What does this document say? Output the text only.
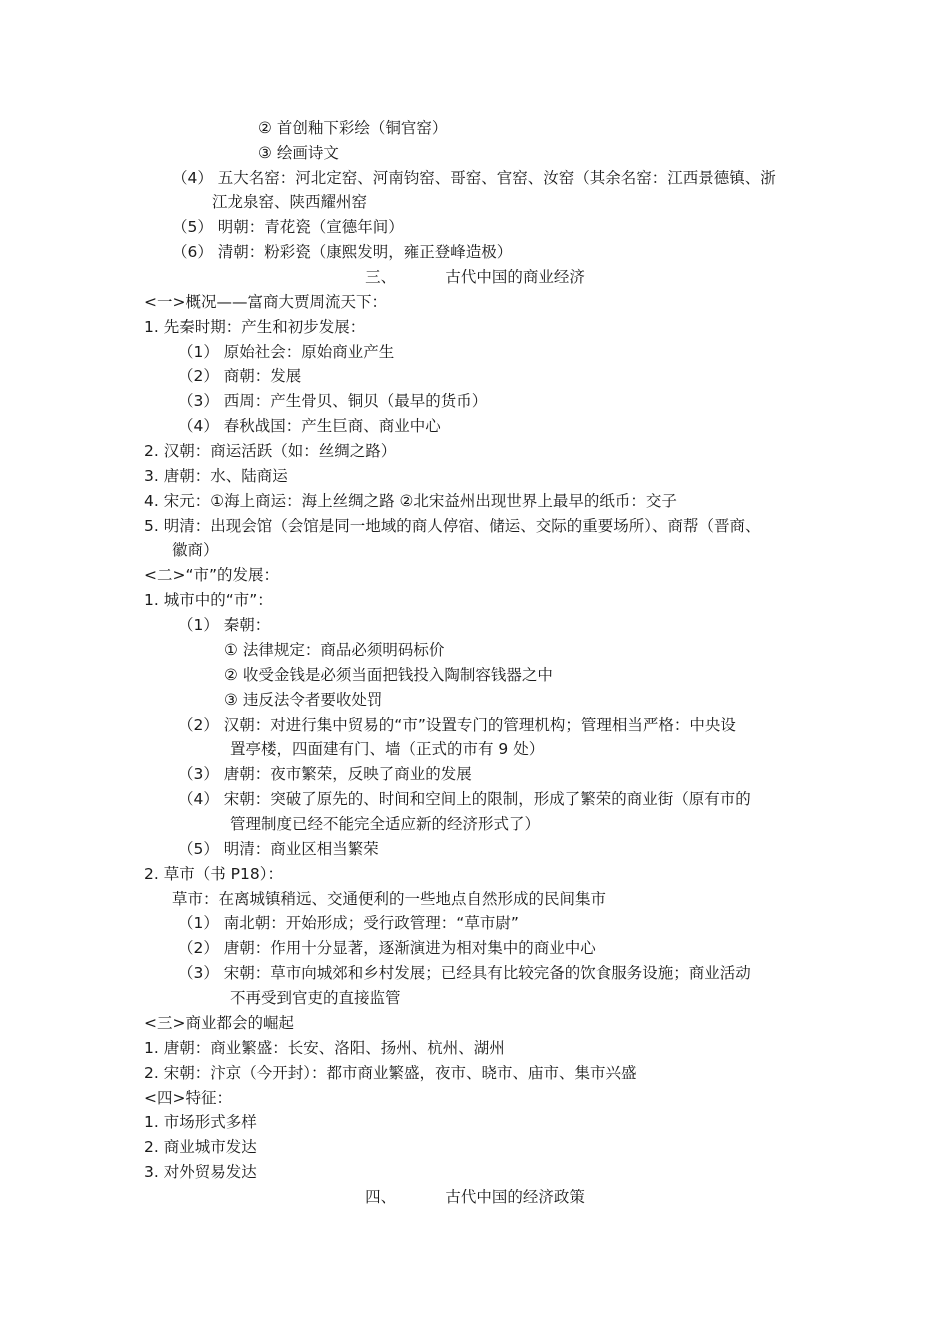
② 首创釉下彩绘（铜官窑）
③ 绘画诗文
（4） 五大名窑：河北定窑、河南钧窑、哥窑、官窑、汝窑（其余名窑：江西景德镇、浙
江龙泉窑、陕西耀州窑
（5） 明朝：青花瓷（宣德年间）
（6） 清朝：粉彩瓷（康熙发明，雍正登峰造极）
三、          古代中国的商业经济
<一>概况——富商大贾周流天下：
1. 先秦时期：产生和初步发展：
（1） 原始社会：原始商业产生
（2） 商朝：发展
（3） 西周：产生骨贝、铜贝（最早的货币）
（4） 春秋战国：产生巨商、商业中心
2. 汉朝：商运活跃（如：丝绸之路）
3. 唐朝：水、陆商运
4. 宋元：①海上商运：海上丝绸之路 ②北宋益州出现世界上最早的纸币：交子
5. 明清：出现会馆（会馆是同一地域的商人停宿、储运、交际的重要场所）、商帮（晋商、
徽商）
<二>“市”的发展：
1. 城市中的“市”：
（1） 秦朝：
① 法律规定：商品必须明码标价
② 收受金钱是必须当面把钱投入陶制容钱器之中
③ 违反法令者要收处罚
（2） 汉朝：对进行集中贸易的“市”设置专门的管理机构；管理相当严格：中央设
置亭楼，四面建有门、墙（正式的市有 9 处）
（3） 唐朝：夜市繁荣，反映了商业的发展
（4） 宋朝：突破了原先的、时间和空间上的限制，形成了繁荣的商业街（原有市的
管理制度已经不能完全适应新的经济形式了）
（5） 明清：商业区相当繁荣
2. 草市（书 P18）：
草市：在离城镇稍远、交通便利的一些地点自然形成的民间集市
（1） 南北朝：开始形成；受行政管理：“草市尉”
（2） 唐朝：作用十分显著，逐渐演进为相对集中的商业中心
（3） 宋朝：草市向城郊和乡村发展；已经具有比较完备的饮食服务设施；商业活动
不再受到官吏的直接监管
<三>商业都会的崛起
1. 唐朝：商业繁盛：长安、洛阳、扬州、杭州、湖州
2. 宋朝：汴京（今开封）：都市商业繁盛，夜市、晓市、庙市、集市兴盛
<四>特征：
1. 市场形式多样
2. 商业城市发达
3. 对外贸易发达
四、          古代中国的经济政策
